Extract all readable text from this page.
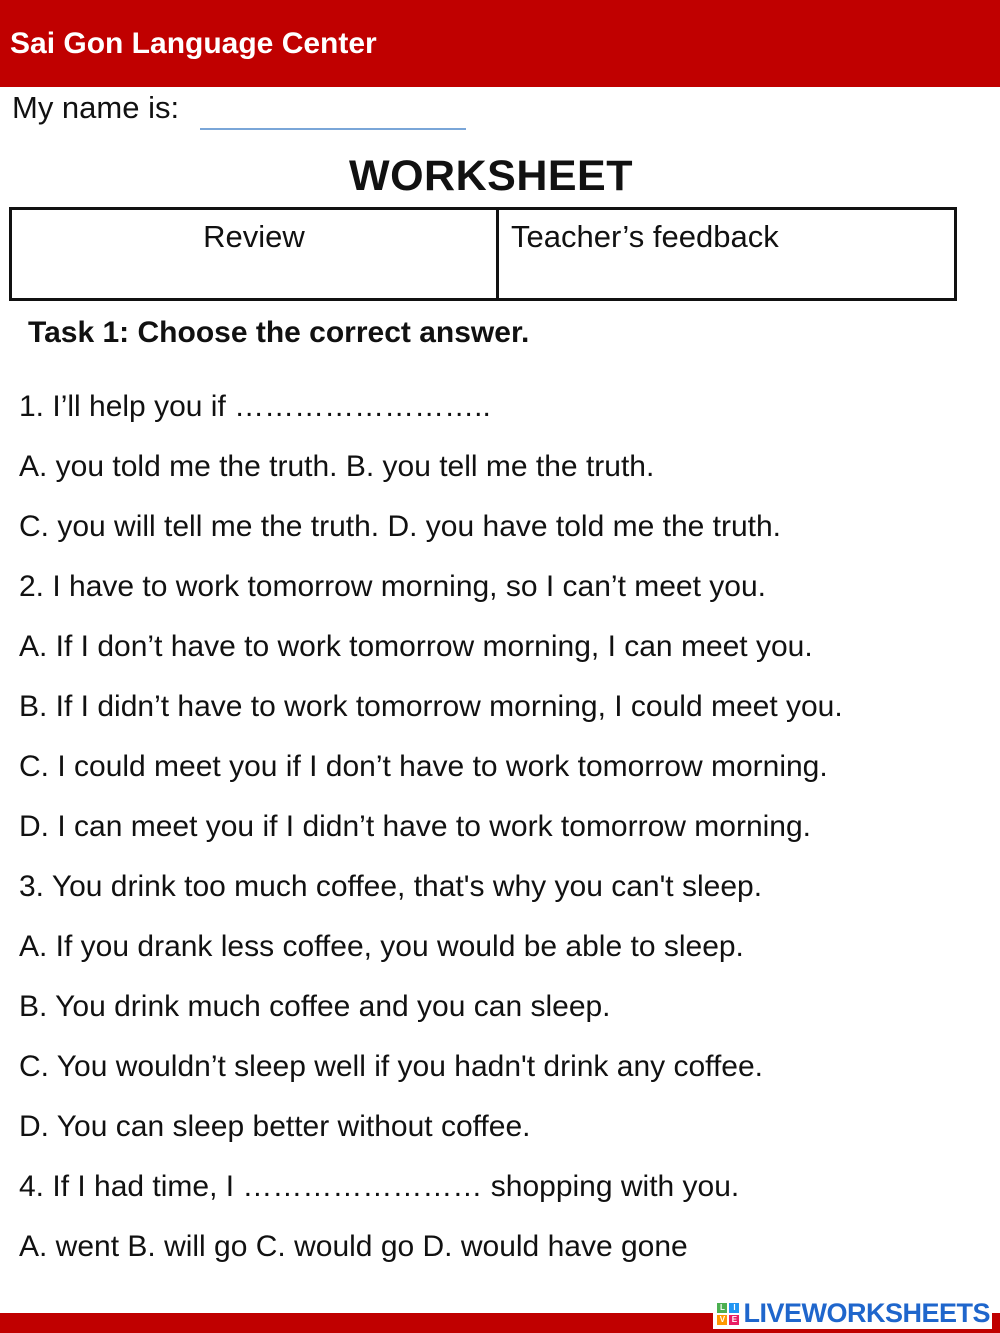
Sai Gon Language Center
My name is:
WORKSHEET
Review	Teacher’s feedback
Task 1: Choose the correct answer.
1. I’ll help you if ……………………..
A. you told me the truth. B. you tell me the truth.
C. you will tell me the truth. D. you have told me the truth.
2. I have to work tomorrow morning, so I can’t meet you.
A. If I don’t have to work tomorrow morning, I can meet you.
B. If I didn’t have to work tomorrow morning, I could meet you.
C. I could meet you if I don’t have to work tomorrow morning.
D. I can meet you if I didn’t have to work tomorrow morning.
3. You drink too much coffee, that's why you can't sleep.
A. If you drank less coffee, you would be able to sleep.
B. You drink much coffee and you can sleep.
C. You wouldn’t sleep well if you hadn't drink any coffee.
D. You can sleep better without coffee.
4. If I had time, I …………………… shopping with you.
A. went B. will go C. would go D. would have gone
L	I
V E LIVEWORKSHEETS
